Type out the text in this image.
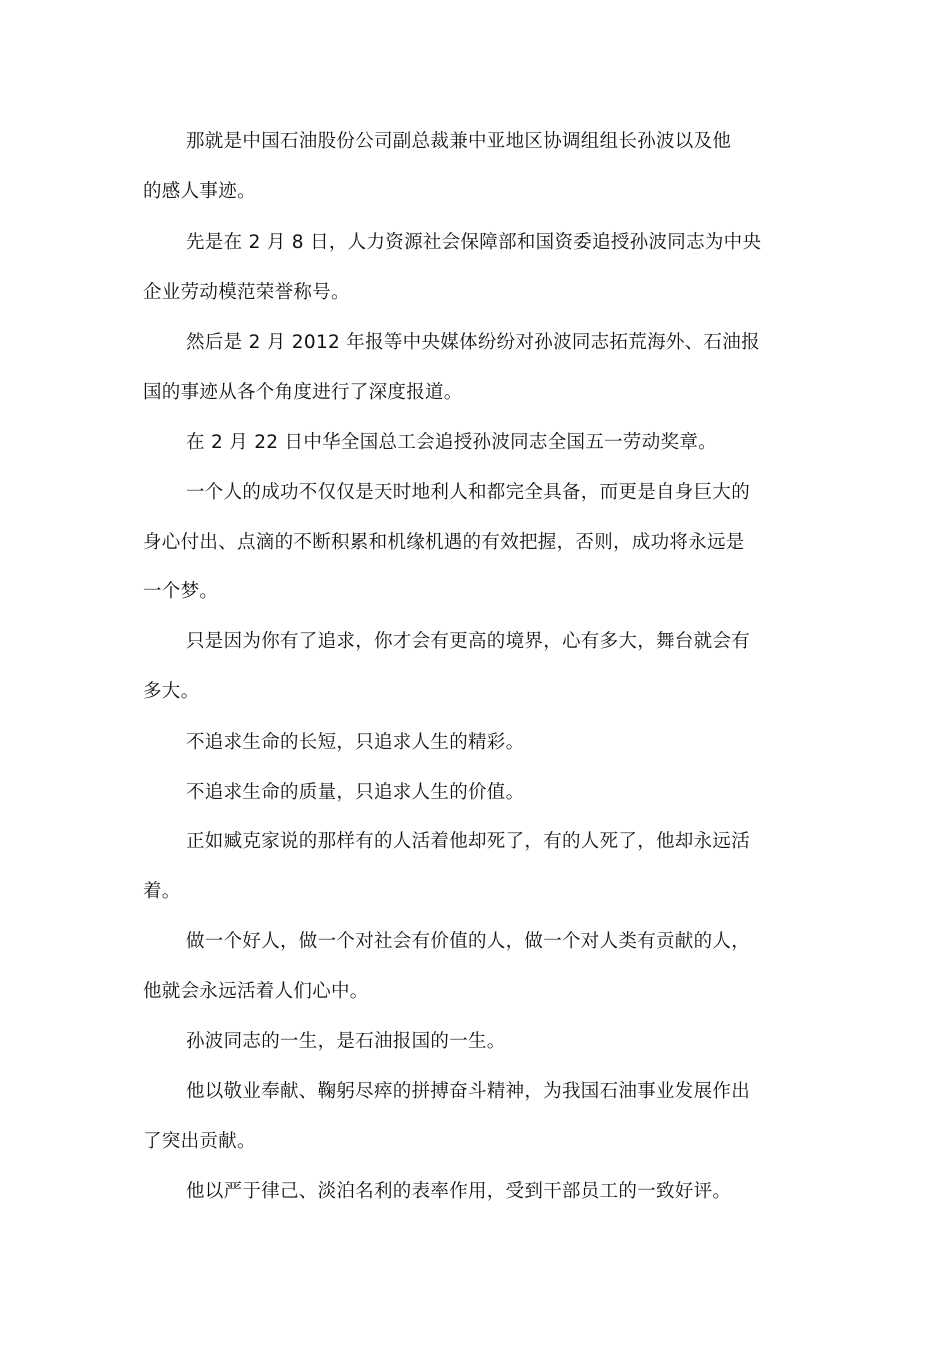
那就是中国石油股份公司副总裁兼中亚地区协调组组长孙波以及他
的感人事迹。
先是在 2 月 8 日，人力资源社会保障部和国资委追授孙波同志为中央
企业劳动模范荣誉称号。
然后是 2 月 2012 年报等中央媒体纷纷对孙波同志拓荒海外、石油报
国的事迹从各个角度进行了深度报道。
在 2 月 22 日中华全国总工会追授孙波同志全国五一劳动奖章。
一个人的成功不仅仅是天时地利人和都完全具备，而更是自身巨大的
身心付出、点滴的不断积累和机缘机遇的有效把握，否则，成功将永远是
一个梦。
只是因为你有了追求，你才会有更高的境界，心有多大，舞台就会有
多大。
不追求生命的长短，只追求人生的精彩。
不追求生命的质量，只追求人生的价值。
正如臧克家说的那样有的人活着他却死了，有的人死了，他却永远活
着。
做一个好人，做一个对社会有价值的人，做一个对人类有贡献的人，
他就会永远活着人们心中。
孙波同志的一生，是石油报国的一生。
他以敬业奉献、鞠躬尽瘁的拼搏奋斗精神，为我国石油事业发展作出
了突出贡献。
他以严于律己、淡泊名利的表率作用，受到干部员工的一致好评。
